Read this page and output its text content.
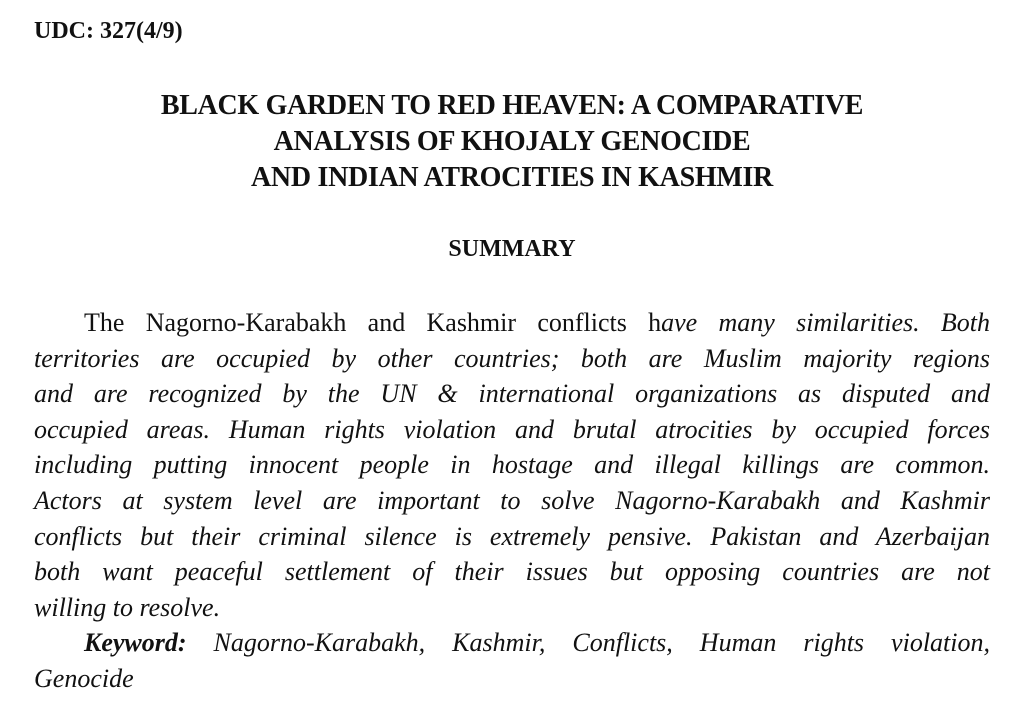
UDC: 327(4/9)
BLACK GARDEN TO RED HEAVEN: A COMPARATIVE
ANALYSIS OF KHOJALY GENOCIDE
AND INDIAN ATROCITIES IN KASHMIR
SUMMARY
The Nagorno-Karabakh and Kashmir conflicts have many similarities. Both
territories are occupied by other countries; both are Muslim majority regions
and are recognized by the UN & international organizations as disputed and
occupied areas. Human rights violation and brutal atrocities by occupied forces
including putting innocent people in hostage and illegal killings are common.
Actors at system level are important to solve Nagorno-Karabakh and Kashmir
conflicts but their criminal silence is extremely pensive. Pakistan and Azerbaijan
both want peaceful settlement of their issues but opposing countries are not
willing to resolve.
Keyword: Nagorno-Karabakh, Kashmir, Conflicts, Human rights violation,
Genocide
